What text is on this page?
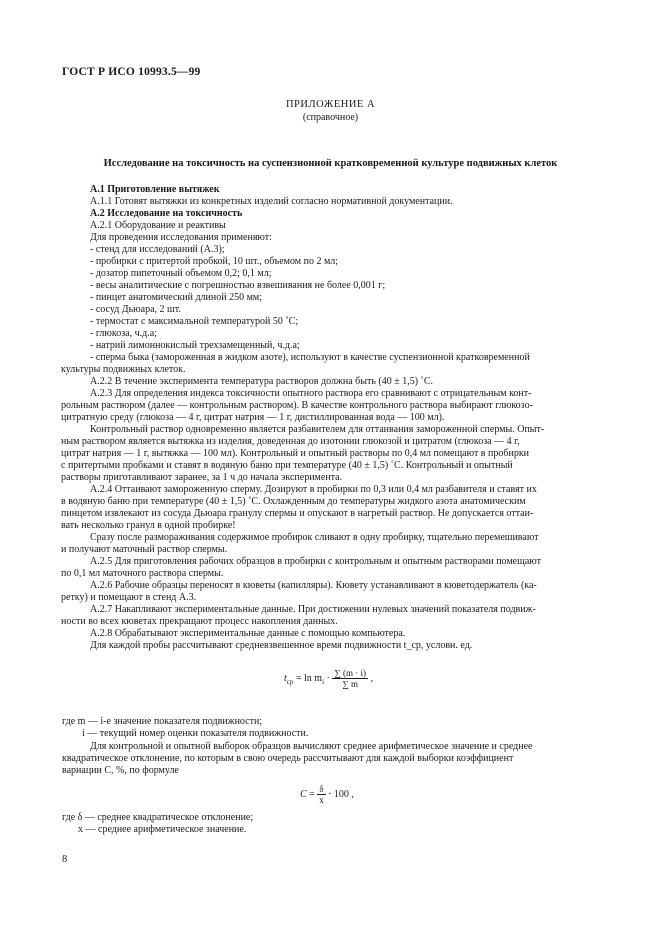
ГОСТ Р ИСО 10993.5—99
ПРИЛОЖЕНИЕ А
(справочное)
Исследование на токсичность на суспензионной кратковременной культуре подвижных клеток

A.1 Приготовление вытяжек

A.1.1 Готовят вытяжки из конкретных изделий согласно нормативной документации.

A.2 Исследование на токсичность

A.2.1 Оборудование и реактивы

Для проведения исследования применяют:

- стенд для исследований (А.3);

- пробирки с притертой пробкой, 10 шт., объемом по 2 мл;

- дозатор пипеточный объемом 0,2; 0,1 мл;

- весы аналитические с погрешностью взвешивания не более 0,001 г;

- пинцет анатомический длиной 250 мм;

- сосуд Дьюара, 2 шт.

- термостат с максимальной температурой 50 ˚С;

- глюкоза, ч.д.а;

- натрий лимоннокислый трехзамещенный, ч.д.а;

- сперма быка (замороженная в жидком азоте), используют в качестве суспензионной кратковременной

культуры подвижных клеток.

A.2.2 В течение эксперимента температура растворов должна быть (40 ± 1,5) ˚С.

A.2.3 Для определения индекса токсичности опытного раствора его сравнивают с отрицательным конт-

рольным раствором (далее — контрольным раствором). В качестве контрольного раствора выбирают глюкозо-

цитратную среду (глюкоза — 4 г, цитрат натрия — 1 г, дистиллированная вода — 100 мл).

Контрольный раствор одновременно является разбавителем для оттаивания замороженной спермы. Опыт-

ным раствором является вытяжка из изделия, доведенная до изотонии глюкозой и цитратом (глюкоза — 4 г,

цитрат натрия — 1 г, вытяжка — 100 мл). Контрольный и опытный растворы по 0,4 мл помещают в пробирки

с притертыми пробками и ставят в водяную баню при температуре (40 ± 1,5) ˚С. Контрольный и опытный

растворы приготавливают заранее, за 1 ч до начала эксперимента.

A.2.4 Оттаивают замороженную сперму. Дозируют в пробирки по 0,3 или 0,4 мл разбавителя и ставят их

в водяную баню при температуре (40 ± 1,5) ˚С. Охлажденным до температуры жидкого азота анатомическим

пинцетом извлекают из сосуда Дьюара гранулу спермы и опускают в нагретый раствор. Не допускается оттаи-

вать несколько гранул в одной пробирке!

Сразу после размораживания содержимое пробирок сливают в одну пробирку, тщательно перемешивают

и получают маточный раствор спермы.

A.2.5 Для приготовления рабочих образцов в пробирки с контрольным и опытным растворами помещают

по 0,1 мл маточного раствора спермы.

A.2.6 Рабочие образцы переносят в кюветы (капилляры). Кювету устанавливают в кюветодержатель (ка-

ретку) и помещают в стенд А.3.

A.2.7 Накапливают экспериментальные данные. При достижении нулевых значений показателя подвиж-

ности во всех кюветах прекращают процесс накопления данных.

A.2.8 Обрабатывают экспериментальные данные с помощью компьютера.

Для каждой пробы рассчитывают средневзвешенное время подвижности t_ср, условн. ед.

$t_{ср} = \ln m_i \cdot \frac{\sum (m \cdot i)}{\sum m}$ ,
где m — i-е значение показателя подвижности;
i — текущий номер оценки показателя подвижности.
Для контрольной и опытной выборок образцов вычисляют среднее арифметическое значение и среднее
квадратическое отклонение, по которым в свою очередь рассчитывают для каждой выборки коэффициент
вариации C, %, по формуле
$C = \frac{\delta}{x} \cdot 100$ ,
где δ — среднее квадратическое отклонение;
x — среднее арифметическое значение.
8
